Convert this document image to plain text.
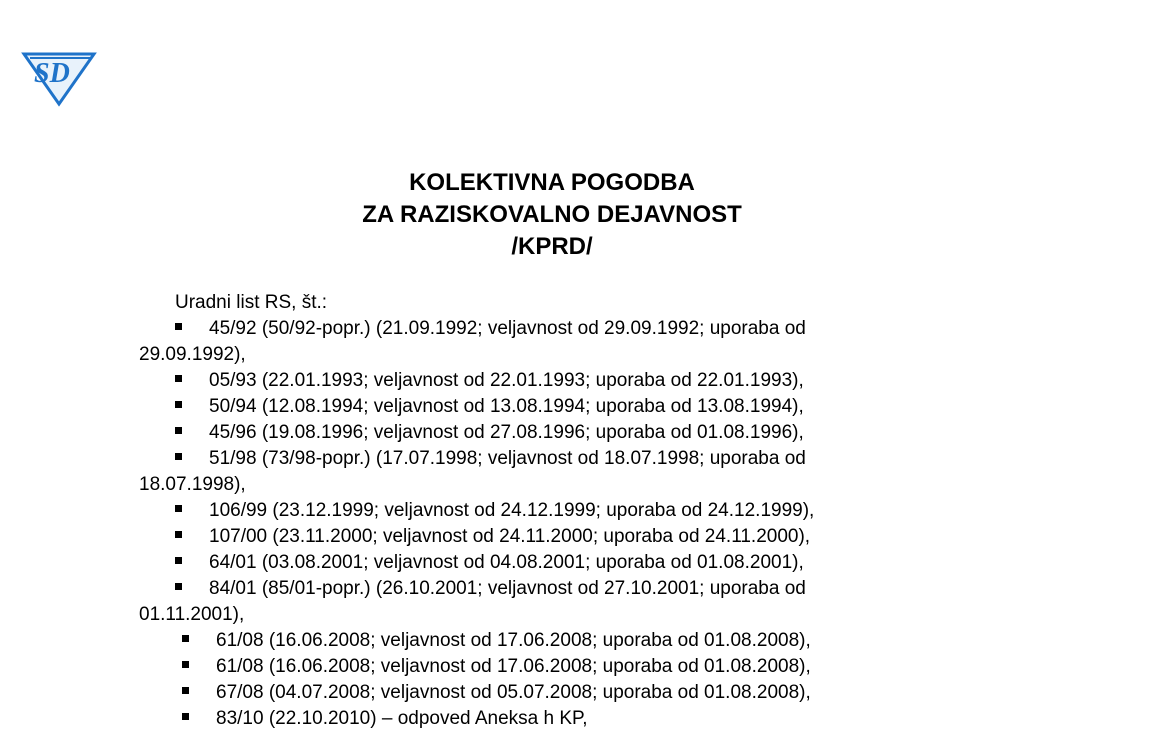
SD
KOLEKTIVNA POGODBA
ZA RAZISKOVALNO DEJAVNOST
/KPRD/
Uradni list RS, št.:
45/92 (50/92-popr.) (21.09.1992; veljavnost od 29.09.1992; uporaba od
29.09.1992),
05/93 (22.01.1993; veljavnost od 22.01.1993; uporaba od 22.01.1993),
50/94 (12.08.1994; veljavnost od 13.08.1994; uporaba od 13.08.1994),
45/96 (19.08.1996; veljavnost od 27.08.1996; uporaba od 01.08.1996),
51/98 (73/98-popr.) (17.07.1998; veljavnost od 18.07.1998; uporaba od
18.07.1998),
106/99 (23.12.1999; veljavnost od 24.12.1999; uporaba od 24.12.1999),
107/00 (23.11.2000; veljavnost od 24.11.2000; uporaba od 24.11.2000),
64/01 (03.08.2001; veljavnost od 04.08.2001; uporaba od 01.08.2001),
84/01 (85/01-popr.) (26.10.2001; veljavnost od 27.10.2001; uporaba od
01.11.2001),
61/08 (16.06.2008; veljavnost od 17.06.2008; uporaba od 01.08.2008),
61/08 (16.06.2008; veljavnost od 17.06.2008; uporaba od 01.08.2008),
67/08 (04.07.2008; veljavnost od 05.07.2008; uporaba od 01.08.2008),
83/10 (22.10.2010) – odpoved Aneksa h KP,
